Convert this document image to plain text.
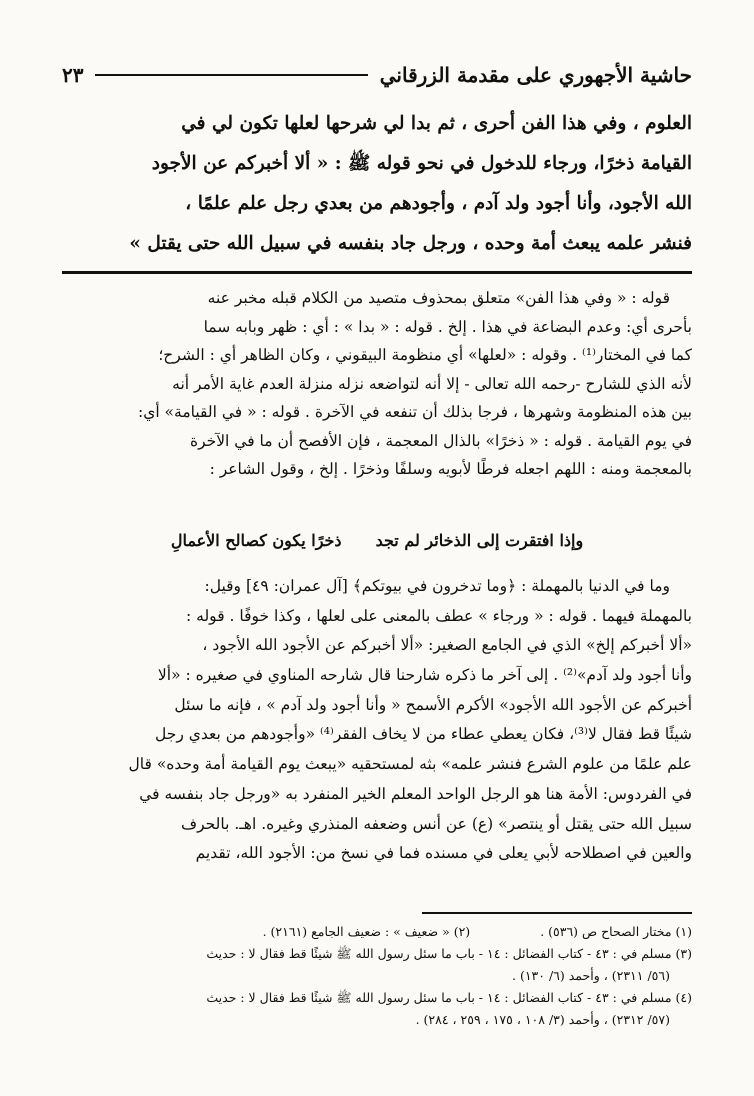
حاشية الأجهوري على مقدمة الزرقاني
٢٣

العلوم ، وفي هذا الفن أحرى ، ثم بدا لي شرحها لعلها تكون لي في

القيامة ذخرًا، ورجاء للدخول في نحو قوله ﷺ : « ألا أخبركم عن الأجود

الله الأجود، وأنا أجود ولد آدم ، وأجودهم من بعدي رجل علم علمًا ،

فنشر علمه يبعث أمة وحده ، ورجل جاد بنفسه في سبيل الله حتى يقتل »

قوله : « وفي هذا الفن» متعلق بمحذوف متصيد من الكلام قبله مخبر عنه

بأحرى أي: وعدم البضاعة في هذا . إلخ . قوله : « بدا » : أي : ظهر وبابه سما

كما في المختار⁽¹⁾ . وقوله : «لعلها» أي منظومة البيقوني ، وكان الظاهر أي : الشرح؛

لأنه الذي للشارح -رحمه الله تعالى - إلا أنه لتواضعه نزله منزلة العدم غاية الأمر أنه

بين هذه المنظومة وشهرها ، فرجا بذلك أن تنفعه في الآخرة . قوله : « في القيامة» أي:

في يوم القيامة . قوله : « ذخرًا» بالذال المعجمة ، فإن الأفصح أن ما في الآخرة

بالمعجمة ومنه : اللهم اجعله فرطًا لأبويه وسلفًا وذخرًا . إلخ ، وقول الشاعر :

وإذا افتقرت إلى الذخائر لم تجد
ذخرًا يكون كصالح الأعمالِ

وما في الدنيا بالمهملة : ﴿وما تدخرون في بيوتكم﴾ [آل عمران: ٤٩] وقيل:

بالمهملة فيهما . قوله : « ورجاء » عطف بالمعنى على لعلها ، وكذا خوفًا . قوله :

«ألا أخبركم إلخ» الذي في الجامع الصغير: «ألا أخبركم عن الأجود الله الأجود ،

وأنا أجود ولد آدم»⁽²⁾ . إلى آخر ما ذكره شارحنا قال شارحه المناوي في صغيره : «ألا

أخبركم عن الأجود الله الأجود» الأكرم الأسمح « وأنا أجود ولد آدم » ، فإنه ما سئل

شيئًا قط فقال لا⁽³⁾، فكان يعطي عطاء من لا يخاف الفقر⁽⁴⁾ «وأجودهم من بعدي رجل

علم علمًا من علوم الشرع فنشر علمه» بثه لمستحقيه «يبعث يوم القيامة أمة وحده» قال

في الفردوس: الأمة هنا هو الرجل الواحد المعلم الخير المنفرد به «ورجل جاد بنفسه في

سبيل الله حتى يقتل أو ينتصر» (ع) عن أنس وضعفه المنذري وغيره. اهـ. بالحرف

والعين في اصطلاحه لأبي يعلى في مسنده فما في نسخ من: الأجود الله، تقديم

(١) مختار الصحاح ص (٥٣٦) .
(٢) « ضعيف » : ضعيف الجامع (٢١٦١) .

(٣) مسلم في : ٤٣ - كتاب الفضائل : ١٤ - باب ما سئل رسول الله ﷺ شيئًا قط فقال لا : حديث

(٥٦/ ٢٣١١) ، وأحمد (٦/ ١٣٠) .

(٤) مسلم في : ٤٣ - كتاب الفضائل : ١٤ - باب ما سئل رسول الله ﷺ شيئًا قط فقال لا : حديث

(٥٧/ ٢٣١٢) ، وأحمد (٣/ ١٠٨ ، ١٧٥ ، ٢٥٩ ، ٢٨٤) .
